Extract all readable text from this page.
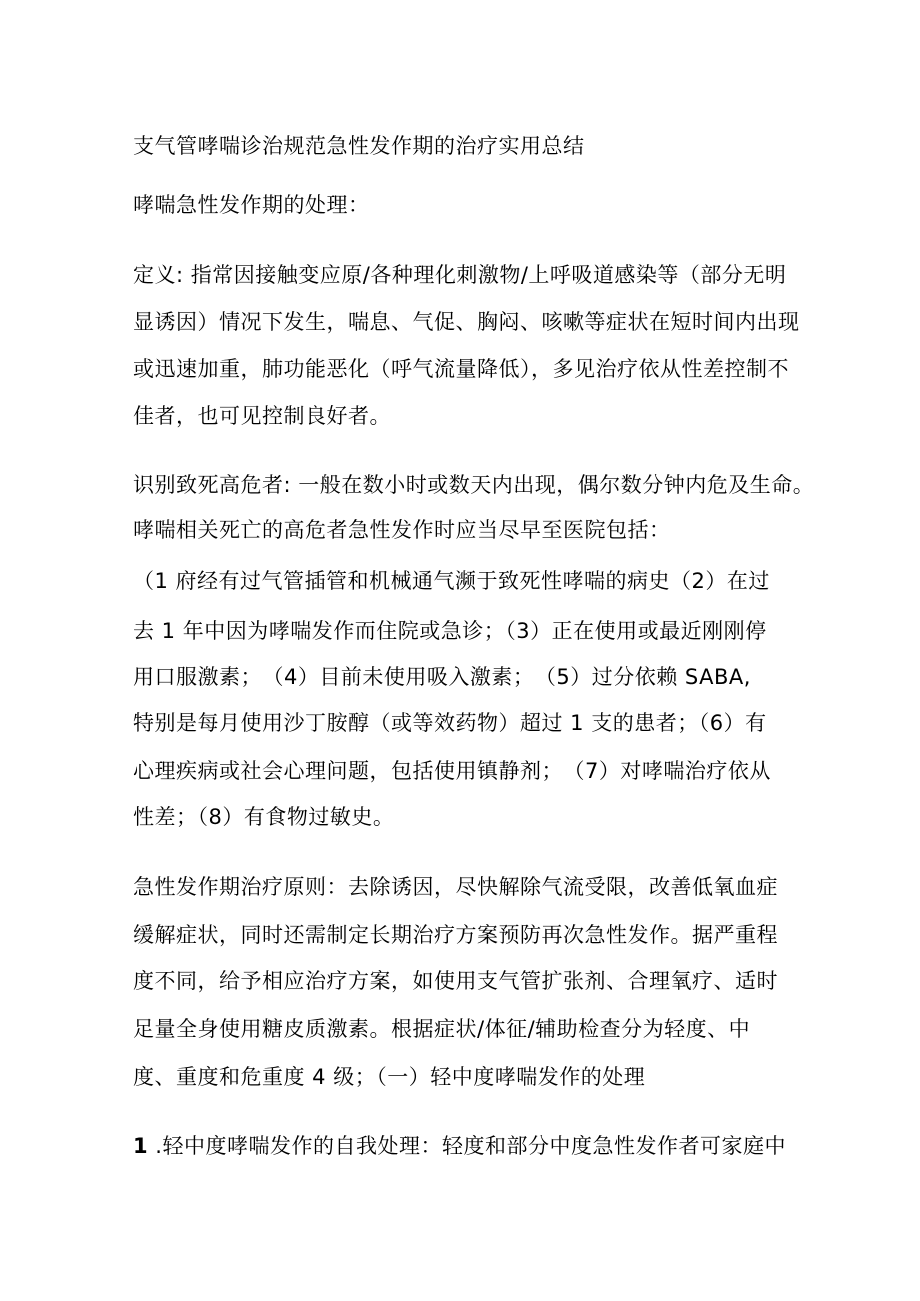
支气管哮喘诊治规范急性发作期的治疗实用总结
哮喘急性发作期的处理：
定义: 指常因接触变应原/各种理化刺激物/上呼吸道感染等（部分无明
显诱因）情况下发生，喘息、气促、胸闷、咳嗽等症状在短时间内出现
或迅速加重，肺功能恶化（呼气流量降低），多见治疗依从性差控制不
佳者，也可见控制良好者。
识别致死高危者: 一般在数小时或数天内出现，偶尔数分钟内危及生命。
哮喘相关死亡的高危者急性发作时应当尽早至医院包括：
（1 府经有过气管插管和机械通气濒于致死性哮喘的病史（2）在过
去 1 年中因为哮喘发作而住院或急诊；（3）正在使用或最近刚刚停
用口服激素；　（4）目前未使用吸入激素；　（5）过分依赖 SABA,
特别是每月使用沙丁胺醇（或等效药物）超过 1 支的患者；（6）有
心理疾病或社会心理问题，包括使用镇静剂；　（7）对哮喘治疗依从
性差；（8）有食物过敏史。
急性发作期治疗原则：去除诱因，尽快解除气流受限，改善低氧血症
缓解症状，同时还需制定长期治疗方案预防再次急性发作。据严重程
度不同，给予相应治疗方案，如使用支气管扩张剂、合理氧疗、适时
足量全身使用糖皮质激素。根据症状/体征/辅助检查分为轻度、中
度、重度和危重度 4 级；（一）轻中度哮喘发作的处理
1 .轻中度哮喘发作的自我处理：轻度和部分中度急性发作者可家庭中
